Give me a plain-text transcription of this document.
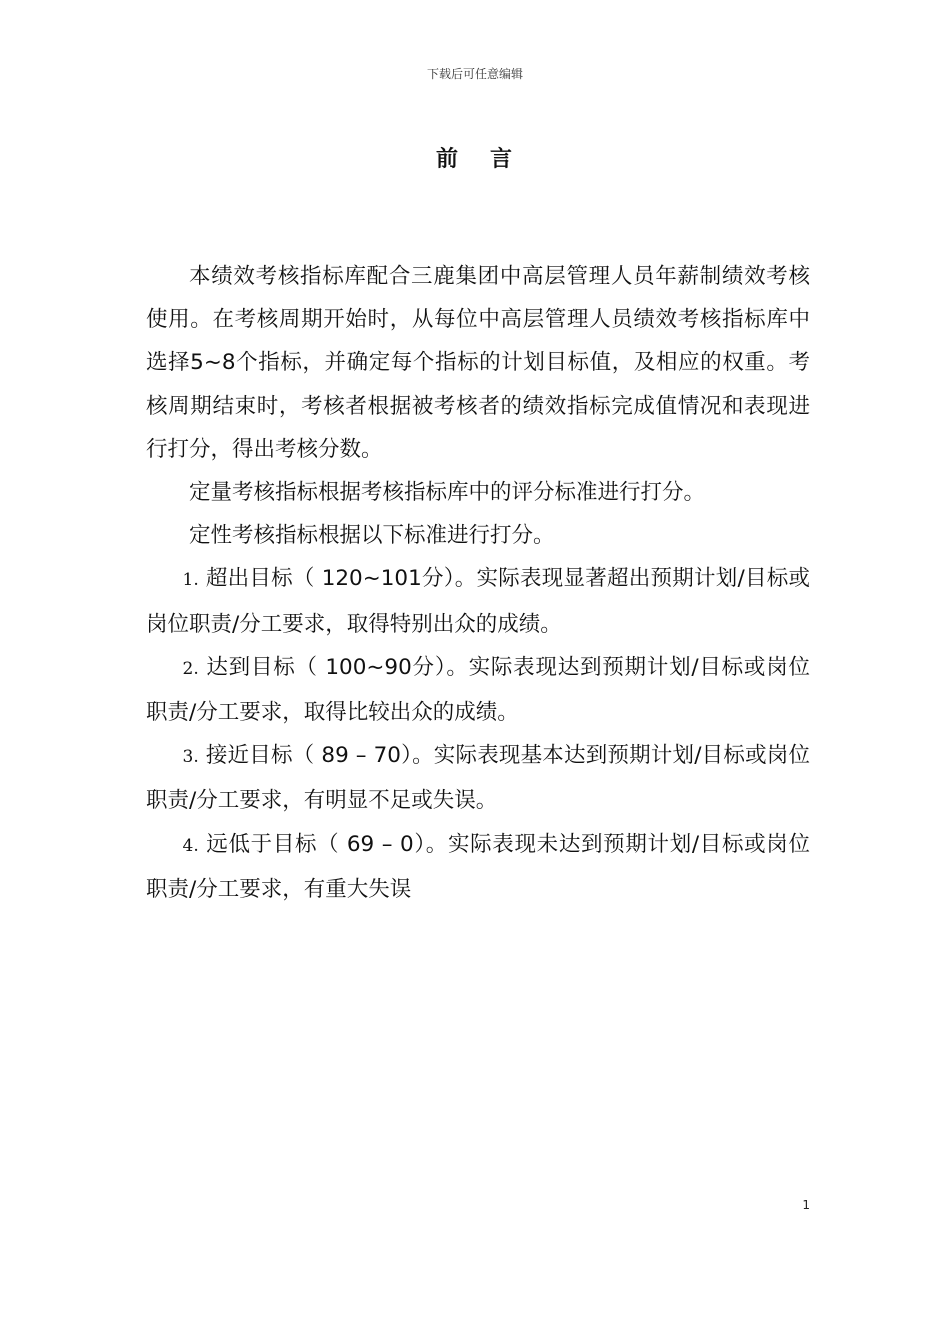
下载后可任意编辑
前 言

本绩效考核指标库配合三鹿集团中高层管理人员年薪制绩效考核使用。在考核周期开始时，从每位中高层管理人员绩效考核指标库中选择5~8个指标，并确定每个指标的计划目标值，及相应的权重。考核周期结束时，考核者根据被考核者的绩效指标完成值情况和表现进行打分，得出考核分数。

定量考核指标根据考核指标库中的评分标准进行打分。

定性考核指标根据以下标准进行打分。

1. 超出目标（ 120~101分）。实际表现显著超出预期计划/目标或岗位职责/分工要求，取得特别出众的成绩。

2. 达到目标（ 100~90分）。实际表现达到预期计划/目标或岗位职责/分工要求，取得比较出众的成绩。

3. 接近目标（ 89 – 70）。实际表现基本达到预期计划/目标或岗位职责/分工要求，有明显不足或失误。

4. 远低于目标（ 69 – 0）。实际表现未达到预期计划/目标或岗位职责/分工要求，有重大失误

1
